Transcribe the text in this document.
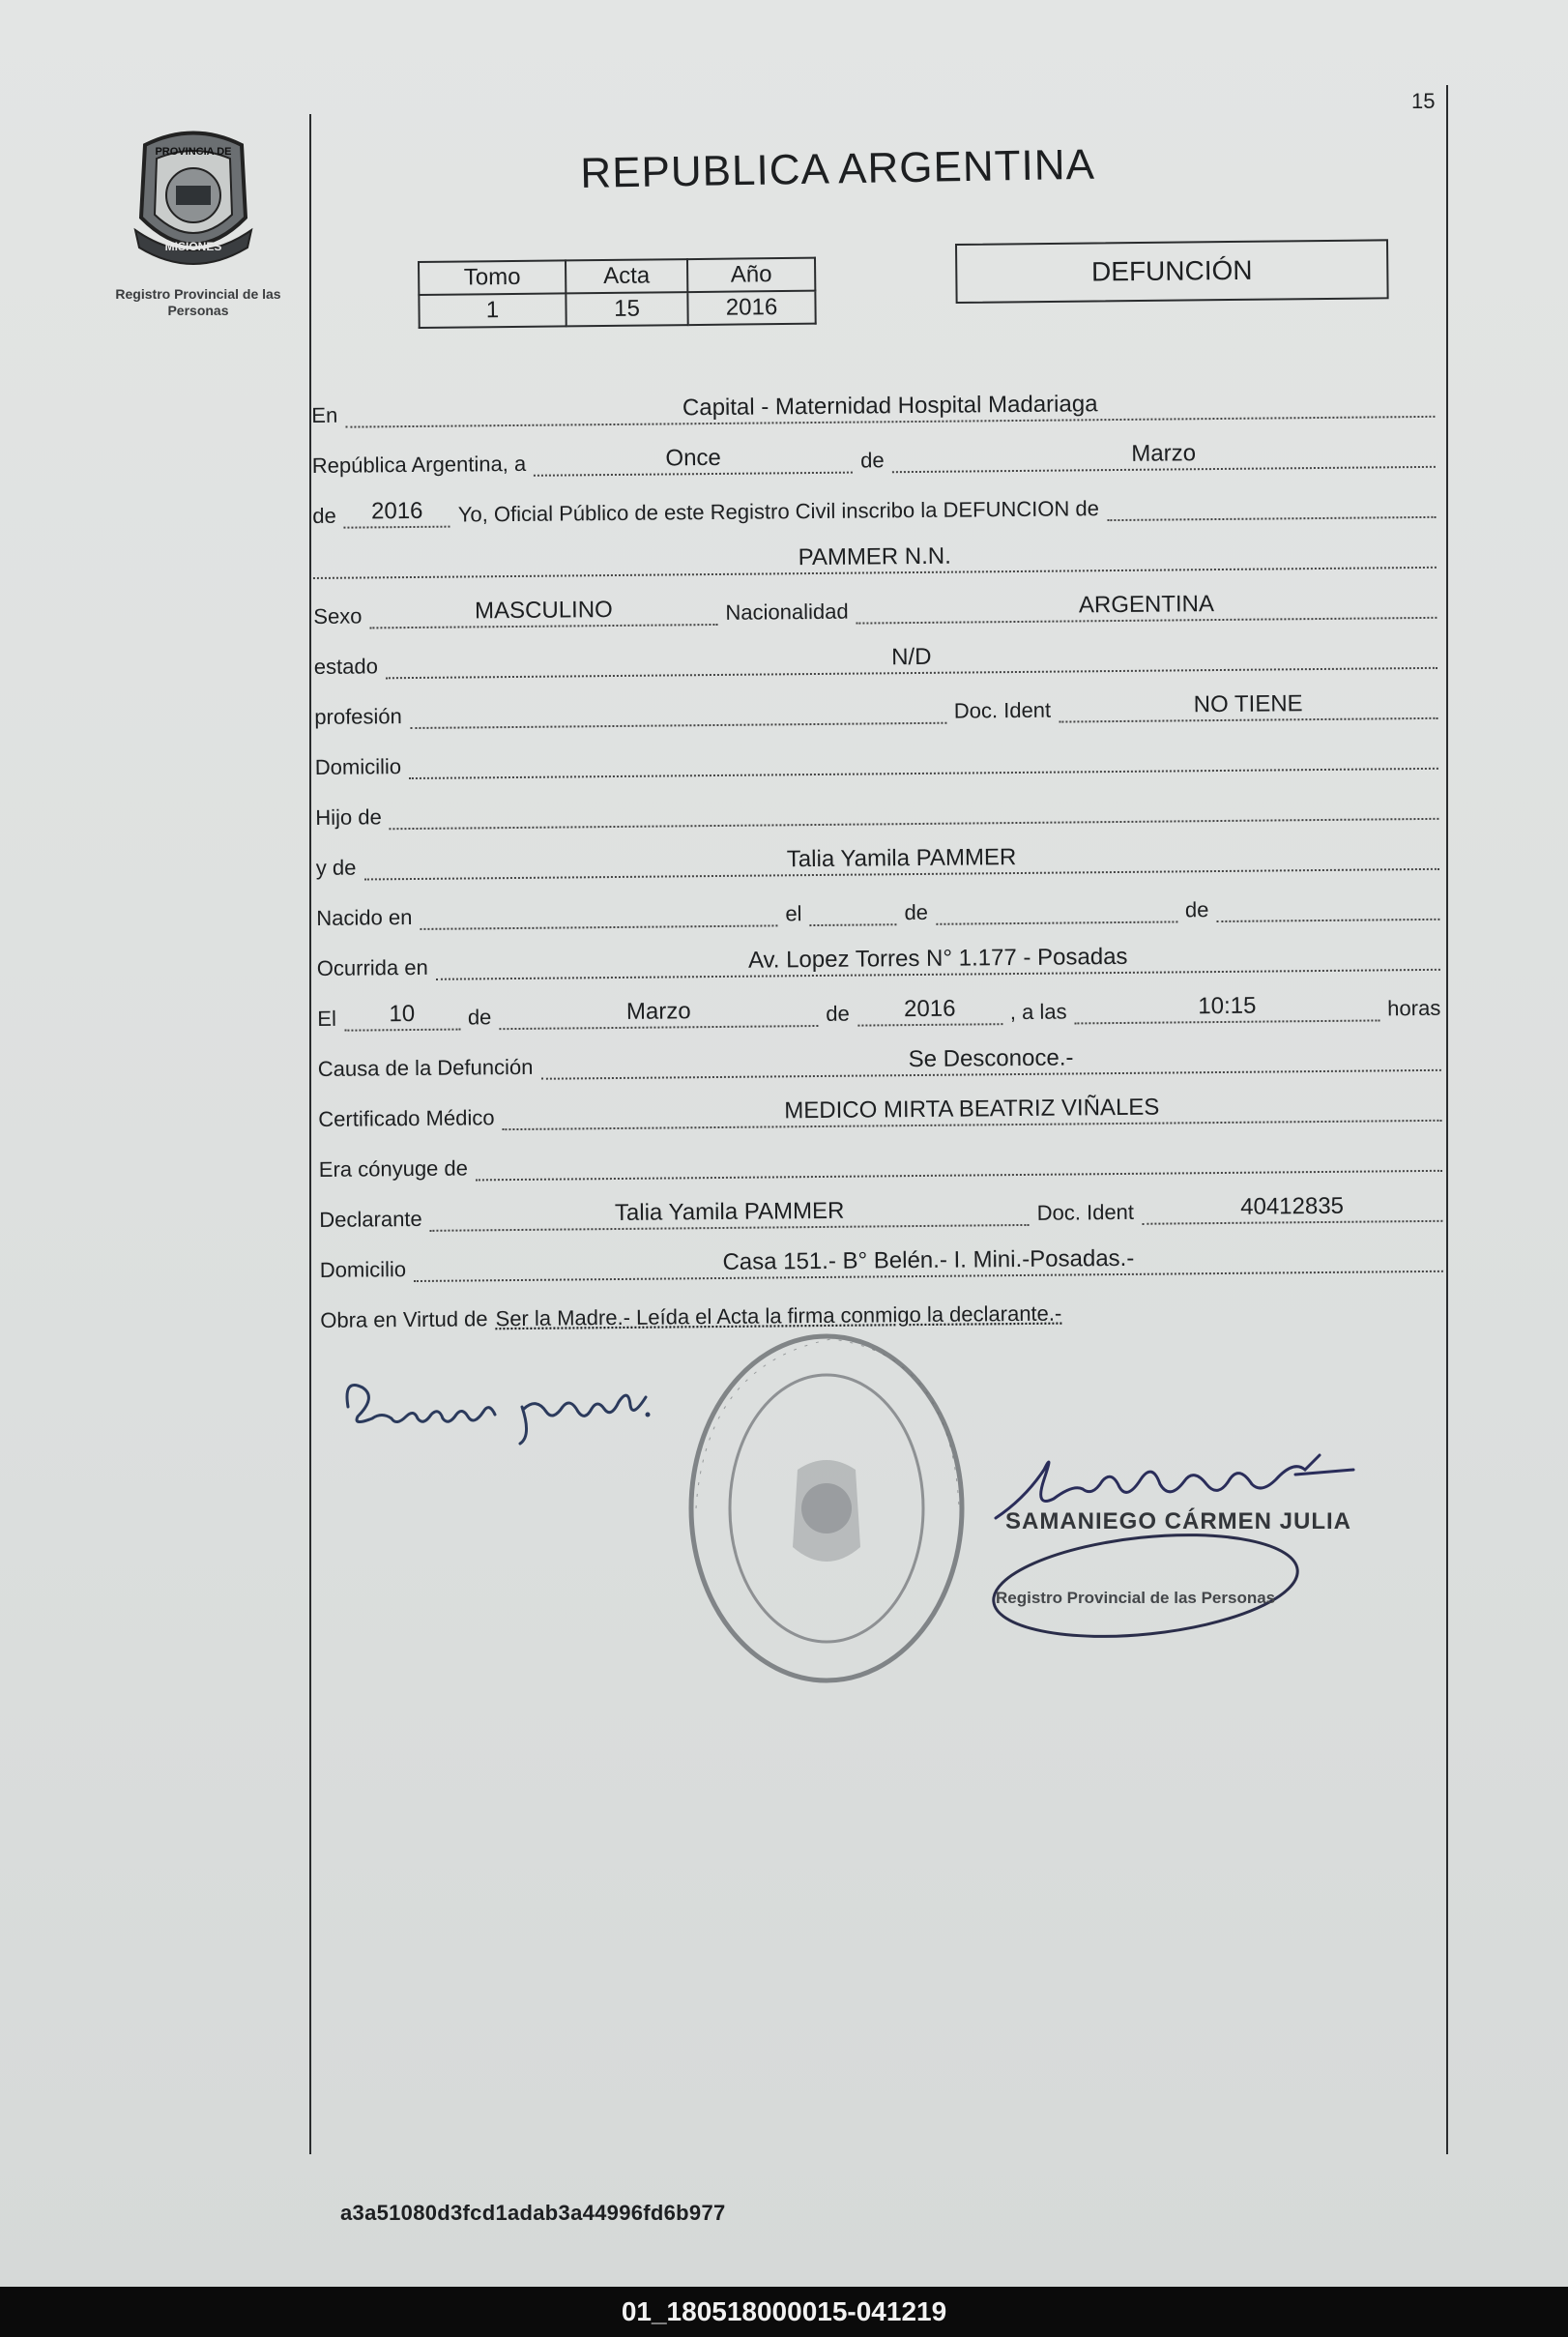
15
PROVINCIA DE
MISIONES
Registro Provincial de las Personas
REPUBLICA ARGENTINA
Tomo	Acta	Año
1	15	2016
DEFUNCIÓN
En	Capital - Maternidad Hospital Madariaga
República Argentina, a	Once	de	Marzo
de	2016	Yo, Oficial Público de este Registro Civil inscribo la DEFUNCION de
PAMMER N.N.
Sexo	MASCULINO	Nacionalidad	ARGENTINA
estado	N/D
profesión	Doc. Ident	NO TIENE
Domicilio
Hijo de
y de	Talia Yamila PAMMER
Nacido en	el	de	de
Ocurrida en	Av. Lopez Torres N° 1.177 - Posadas
El	10	de	Marzo	de	2016	, a las	10:15	horas
Causa de la Defunción	Se Desconoce.-
Certificado Médico	MEDICO MIRTA BEATRIZ VIÑALES
Era cónyuge de
Declarante	Talia Yamila PAMMER	Doc. Ident	40412835
Domicilio	Casa 151.- B° Belén.- I. Mini.-Posadas.-
Obra en Virtud de Ser la Madre.- Leída el Acta la firma conmigo la declarante.-
SAMANIEGO CÁRMEN JULIA
Registro Provincial de las Personas
a3a51080d3fcd1adab3a44996fd6b977
01_180518000015-041219
